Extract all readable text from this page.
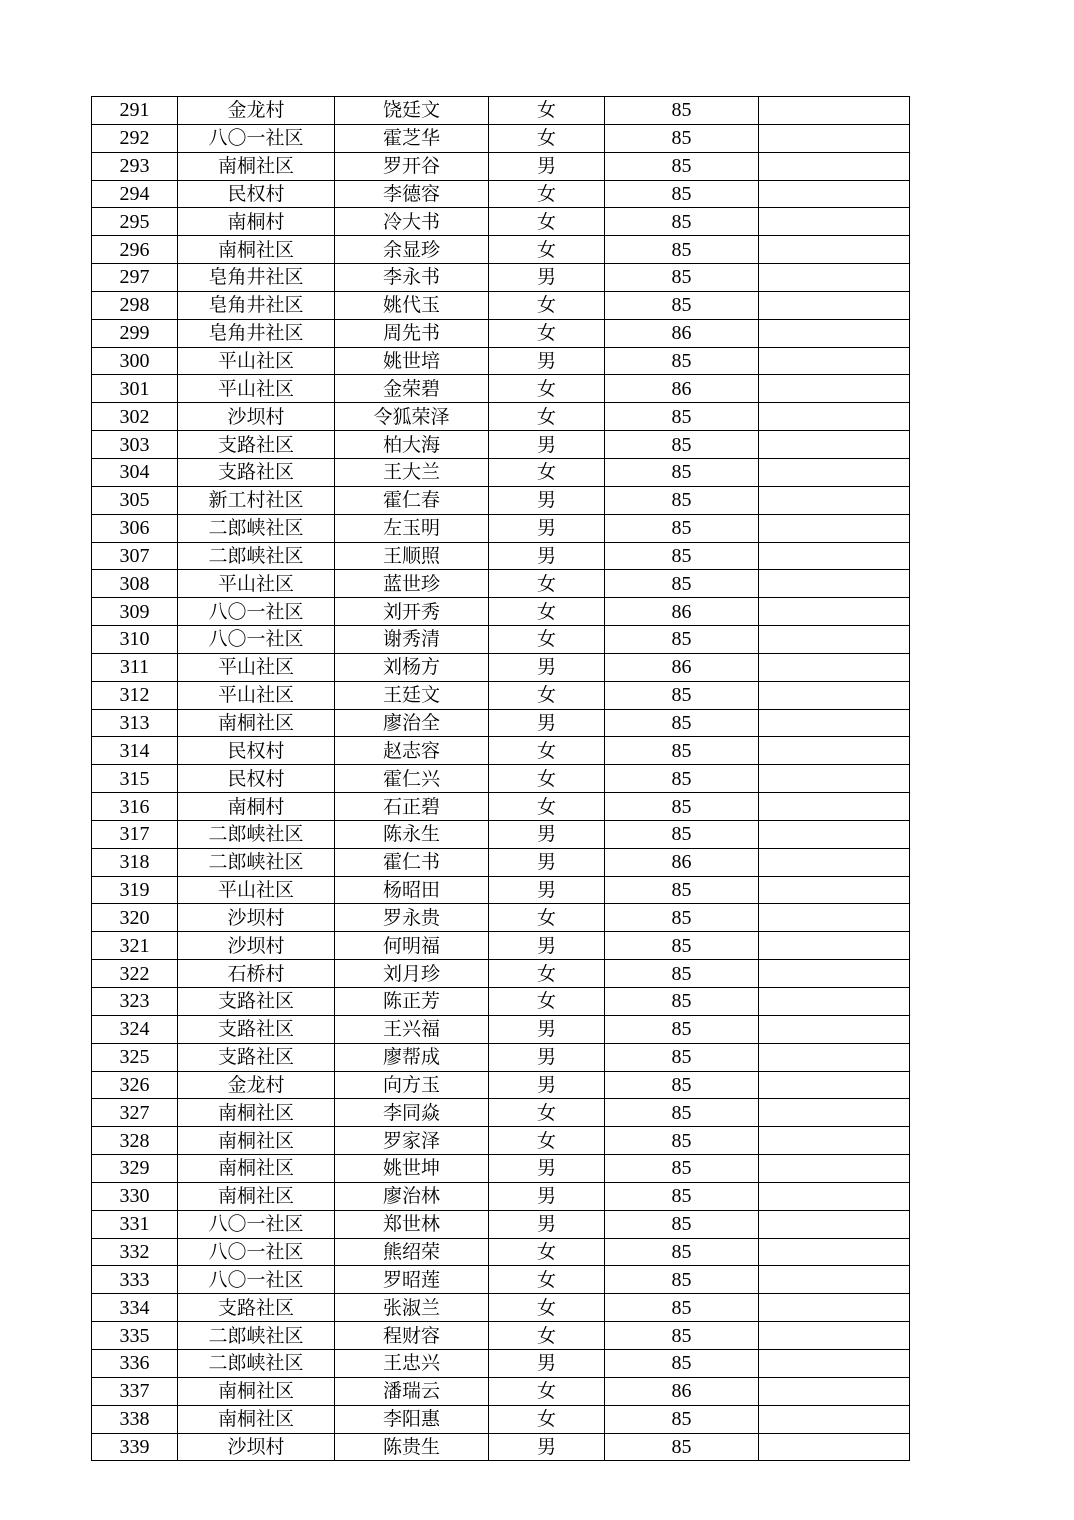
291	金龙村	饶廷文	女	85	
292	八〇一社区	霍芝华	女	85	
293	南桐社区	罗开谷	男	85	
294	民权村	李德容	女	85	
295	南桐村	冷大书	女	85	
296	南桐社区	余显珍	女	85	
297	皂角井社区	李永书	男	85	
298	皂角井社区	姚代玉	女	85	
299	皂角井社区	周先书	女	86	
300	平山社区	姚世培	男	85	
301	平山社区	金荣碧	女	86	
302	沙坝村	令狐荣泽	女	85	
303	支路社区	柏大海	男	85	
304	支路社区	王大兰	女	85	
305	新工村社区	霍仁春	男	85	
306	二郎峡社区	左玉明	男	85	
307	二郎峡社区	王顺照	男	85	
308	平山社区	蓝世珍	女	85	
309	八〇一社区	刘开秀	女	86	
310	八〇一社区	谢秀清	女	85	
311	平山社区	刘杨方	男	86	
312	平山社区	王廷文	女	85	
313	南桐社区	廖治全	男	85	
314	民权村	赵志容	女	85	
315	民权村	霍仁兴	女	85	
316	南桐村	石正碧	女	85	
317	二郎峡社区	陈永生	男	85	
318	二郎峡社区	霍仁书	男	86	
319	平山社区	杨昭田	男	85	
320	沙坝村	罗永贵	女	85	
321	沙坝村	何明福	男	85	
322	石桥村	刘月珍	女	85	
323	支路社区	陈正芳	女	85	
324	支路社区	王兴福	男	85	
325	支路社区	廖帮成	男	85	
326	金龙村	向方玉	男	85	
327	南桐社区	李同焱	女	85	
328	南桐社区	罗家泽	女	85	
329	南桐社区	姚世坤	男	85	
330	南桐社区	廖治林	男	85	
331	八〇一社区	郑世林	男	85	
332	八〇一社区	熊绍荣	女	85	
333	八〇一社区	罗昭莲	女	85	
334	支路社区	张淑兰	女	85	
335	二郎峡社区	程财容	女	85	
336	二郎峡社区	王忠兴	男	85	
337	南桐社区	潘瑞云	女	86	
338	南桐社区	李阳惠	女	85	
339	沙坝村	陈贵生	男	85	
